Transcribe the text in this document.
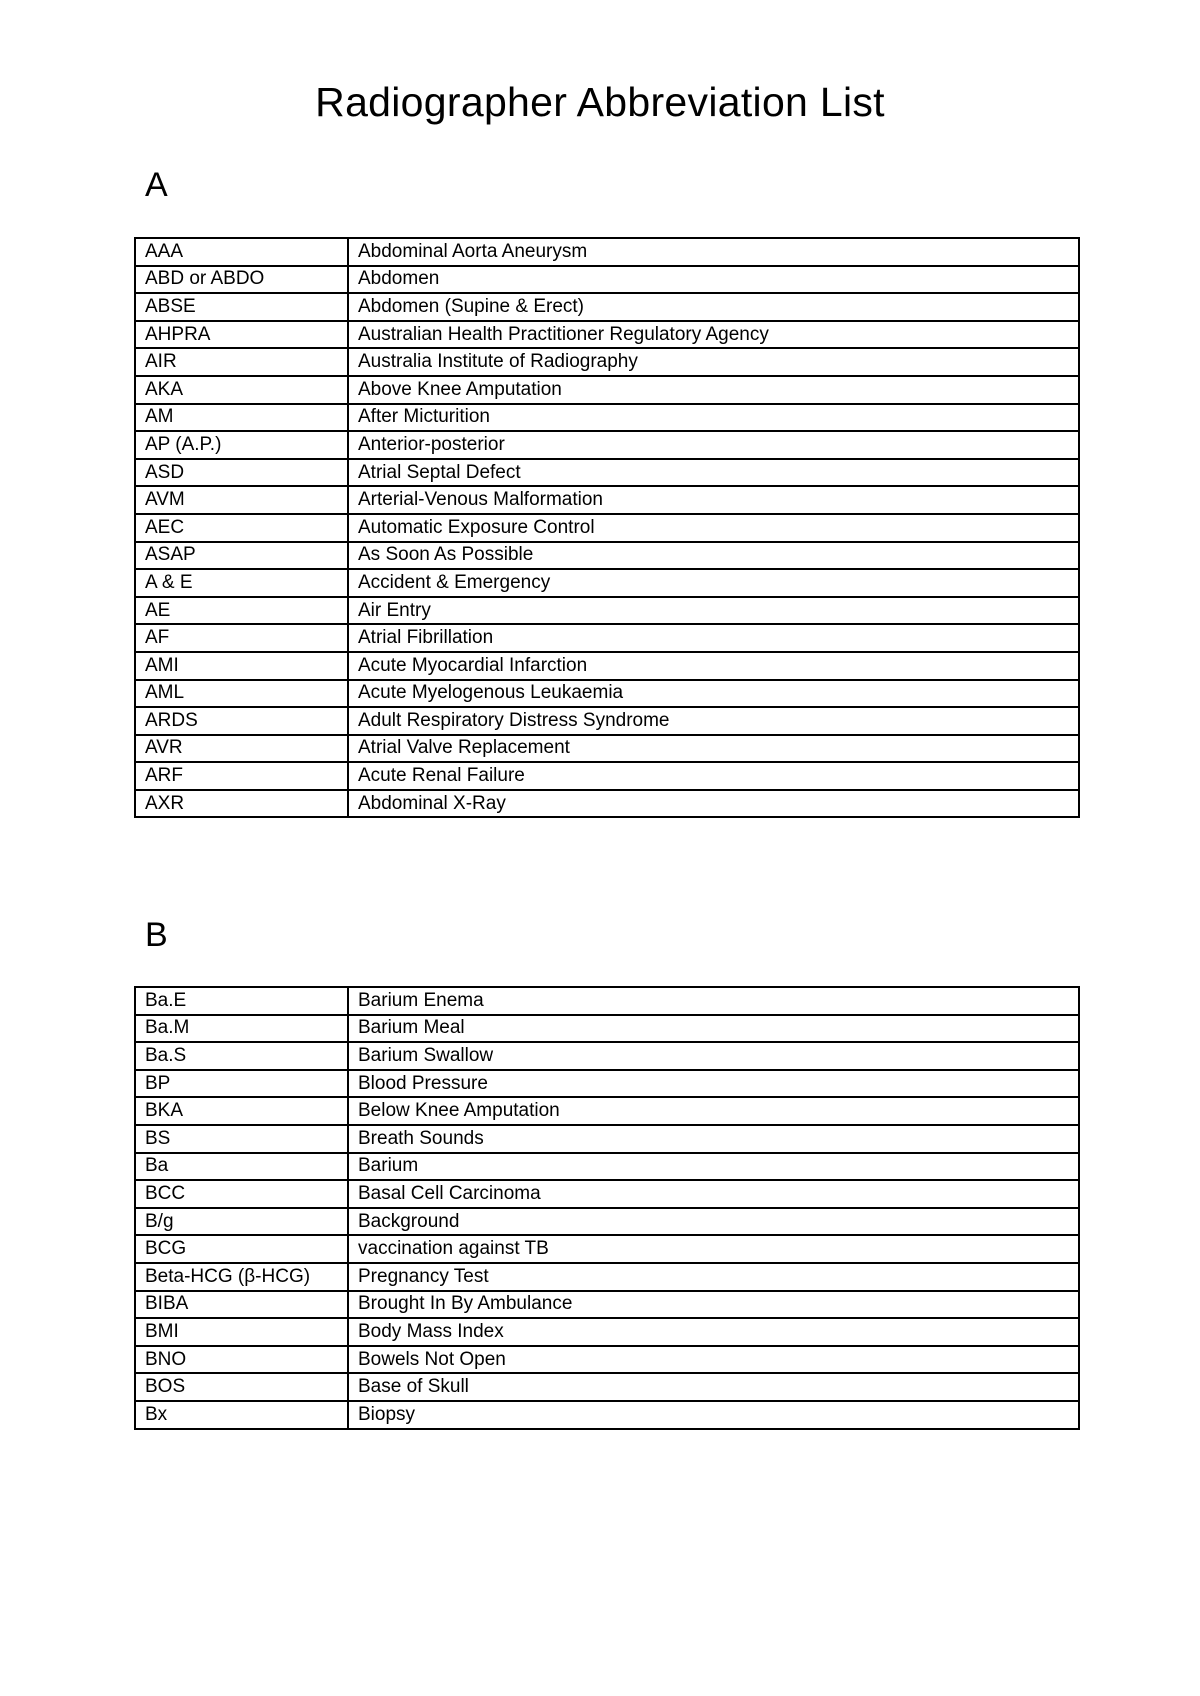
Radiographer Abbreviation List
A
AAA	Abdominal Aorta Aneurysm
ABD or ABDO	Abdomen
ABSE	Abdomen (Supine & Erect)
AHPRA	Australian Health Practitioner Regulatory Agency
AIR	Australia Institute of Radiography
AKA	Above Knee Amputation
AM	After Micturition
AP (A.P.)	Anterior-posterior
ASD	Atrial Septal Defect
AVM	Arterial-Venous Malformation
AEC	Automatic Exposure Control
ASAP	As Soon As Possible
A & E	Accident & Emergency
AE	Air Entry
AF	Atrial Fibrillation
AMI	Acute Myocardial Infarction
AML	Acute Myelogenous Leukaemia
ARDS	Adult Respiratory Distress Syndrome
AVR	Atrial Valve Replacement
ARF	Acute Renal Failure
AXR	Abdominal X-Ray
B
Ba.E	Barium Enema
Ba.M	Barium Meal
Ba.S	Barium Swallow
BP	Blood Pressure
BKA	Below Knee Amputation
BS	Breath Sounds
Ba	Barium
BCC	Basal Cell Carcinoma
B/g	Background
BCG	vaccination against TB
Beta-HCG (β-HCG)	Pregnancy Test
BIBA	Brought In By Ambulance
BMI	Body Mass Index
BNO	Bowels Not Open
BOS	Base of Skull
Bx	Biopsy
